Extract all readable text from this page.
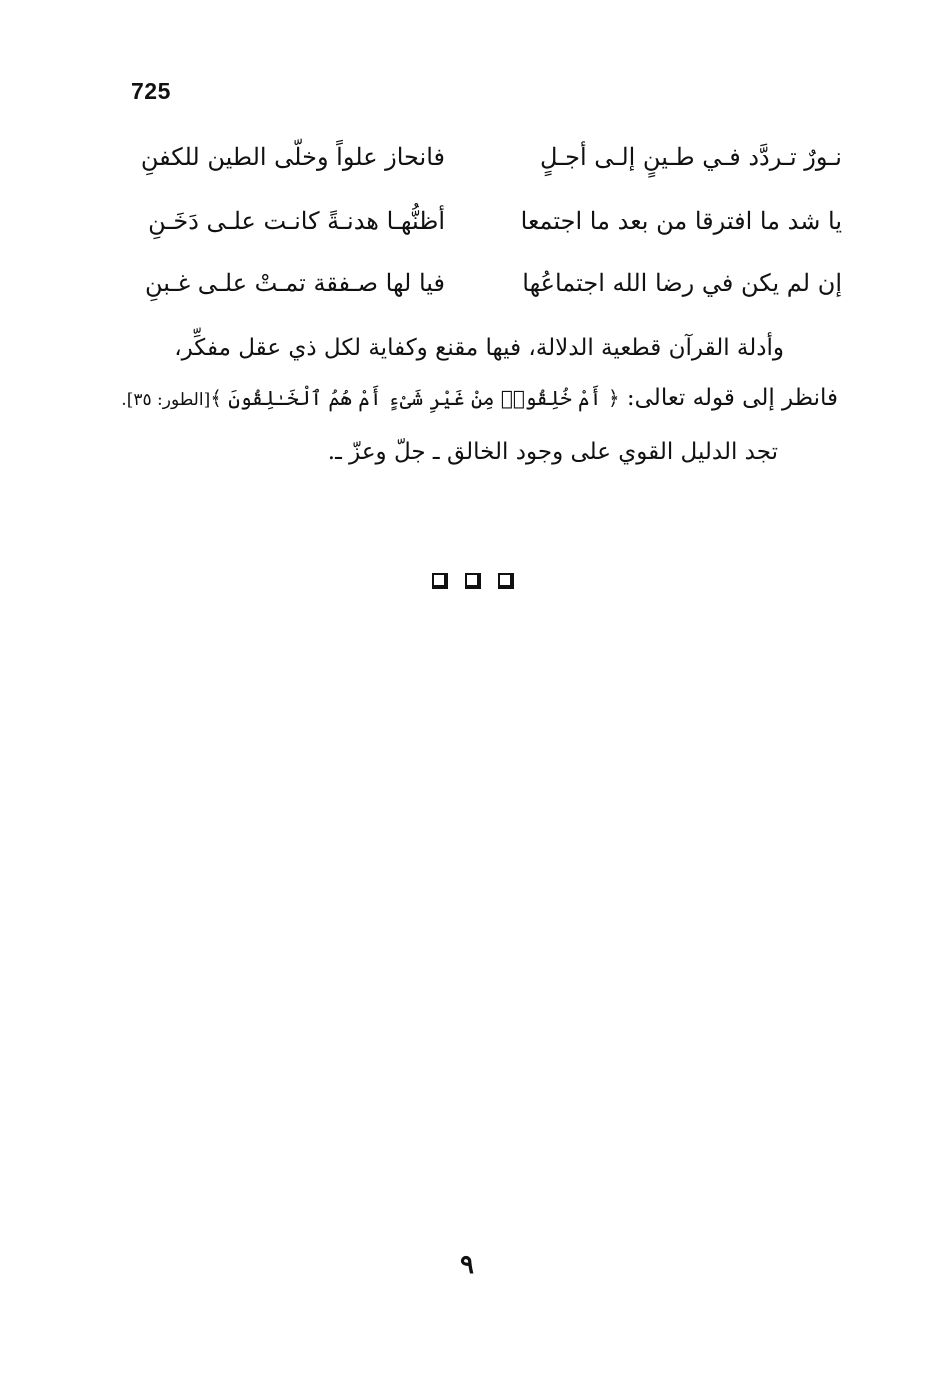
725
نـورٌ تـردَّد فـي طـينٍ إلـى أجـلٍ
فانحاز علواً وخلّى الطين للكفنِ
يا شد ما افترقا من بعد ما اجتمعا
أظنُّهـا هدنـةً كانـت علـى دَخَـنِ
إن لم يكن في رضا الله اجتماعُها
فيا لها صـفقة تمـتْ علـى غـبنِ
وأدلة القرآن قطعية الدلالة، فيها مقنع وكفاية لكل ذي عقل مفكِّر،
فانظر إلى قوله تعالى: ﴿ أَمْ خُلِقُوا۟ مِنْ غَيْرِ شَىْءٍ أَمْ هُمُ ٱلْخَـٰلِقُونَ ﴾[الطور: ٣٥].
تجد الدليل القوي على وجود الخالق ـ جلّ وعزّ ـ.
٩
